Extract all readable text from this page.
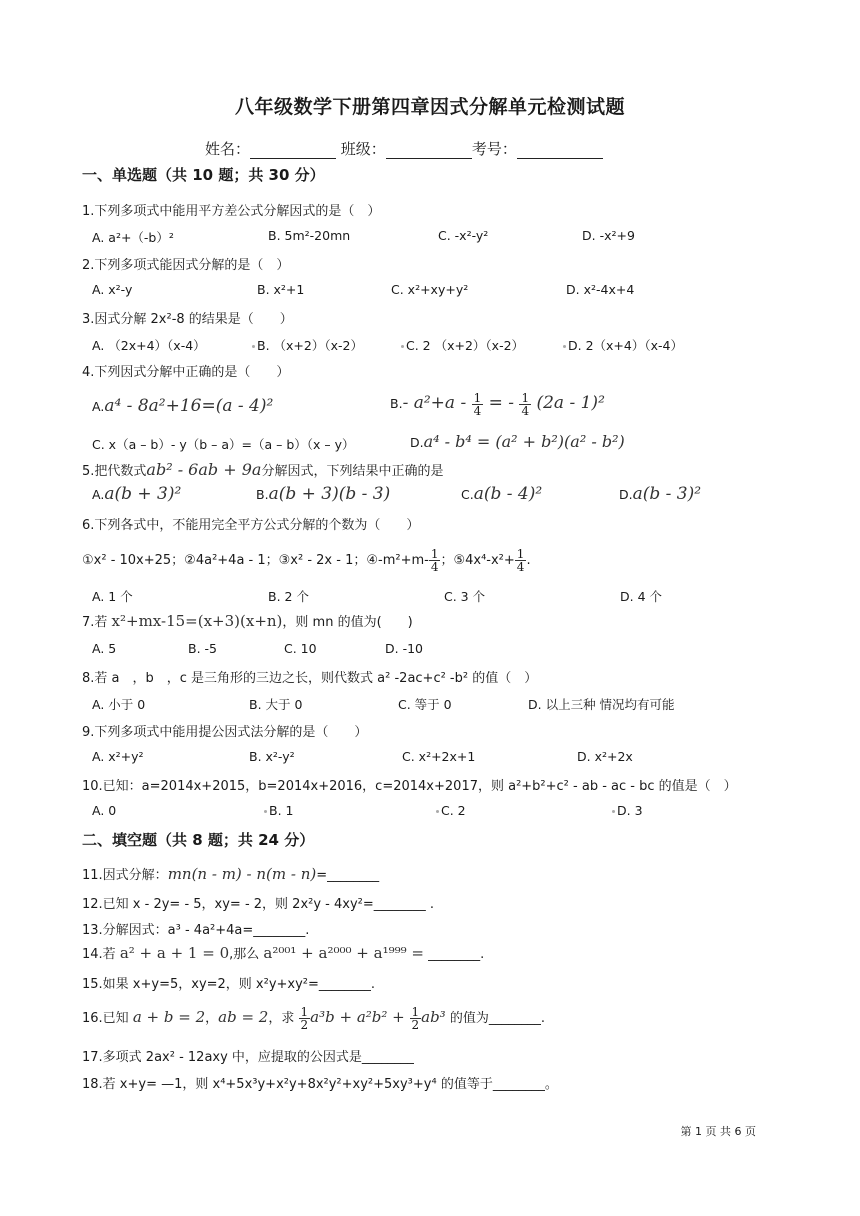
八年级数学下册第四章因式分解单元检测试题
姓名：	班级：	考号：
一、单选题（共 10 题；共 30 分）
1.下列多项式中能用平方差公式分解因式的是（　）
A. a²+（-b）²	B. 5m²-20mn	C. -x²-y²	D. -x²+9
2.下列多项式能因式分解的是（　）
A. x²-y	B. x²+1	C. x²+xy+y²	D. x²-4x+4
3.因式分解 2x²-8 的结果是（　　）
A. （2x+4）（x-4）	B. （x+2）（x-2）	C. 2 （x+2）（x-2）	D. 2（x+4）（x-4）
4.下列因式分解中正确的是（　　）
A.a⁴ - 8a²+16=(a - 4)²	B.- $a^2+a - \frac{1}{4}$ = - $\frac{1}{4} (2a - 1)^2$
C. x（a – b）- y（b – a）=（a – b）（x – y）	D.a⁴ - b⁴ = (a² + b²)(a² - b²)
5.把代数式ab² - 6ab + 9a分解因式，下列结果中正确的是
A.a(b + 3)²	B.a(b + 3)(b - 3)	C.a(b - 4)²	D.a(b - 3)²
6.下列各式中，不能用完全平方公式分解的个数为（　　）
①x² - 10x+25；②4a²+4a - 1；③x² - 2x - 1；④-m²+m- $\frac{1}{4}$ ；⑤4x⁴-x²+ $\frac{1}{4}$ .
A. 1 个	B. 2 个	C. 3 个	D. 4 个
7.若 x²+mx-15=(x+3)(x+n)，则 mn 的值为(　　)
A. 5	B. -5	C. 10	D. -10
8.若 a　，b　，c 是三角形的三边之长，则代数式 a² -2ac+c² -b² 的值（　）
A. 小于 0	B. 大于 0	C. 等于 0	D. 以上三种 情况均有可能
9.下列多项式中能用提公因式法分解的是（　　）
A. x²+y²	B. x²-y²	C. x²+2x+1	D. x²+2x
10.已知：a=2014x+2015，b=2014x+2016，c=2014x+2017，则 a²+b²+c² - ab - ac - bc 的值是（　）
A. 0	B. 1	C. 2	D. 3
二、填空题（共 8 题；共 24 分）
11.因式分解：mn(n - m) - n(m - n)=________
12.已知 x - 2y= - 5，xy= - 2，则 2x²y - 4xy²=________ .
13.分解因式：a³ - 4a²+4a=________.
14.若 a² + a + 1 = 0,那么 a²⁰⁰¹ + a²⁰⁰⁰ + a¹⁹⁹⁹ = ________.
15.如果 x+y=5，xy=2，则 x²y+xy²=________.
16.已知 a + b = 2，ab = 2，求 $\frac{1}{2} a^3b + a^2b^2 + \frac{1}{2} ab^3$ 的值为________.
17.多项式 2ax² - 12axy 中，应提取的公因式是________
18.若 x+y= —1，则 x⁴+5x³y+x²y+8x²y²+xy²+5xy³+y⁴ 的值等于________。
第 1 页 共 6 页
